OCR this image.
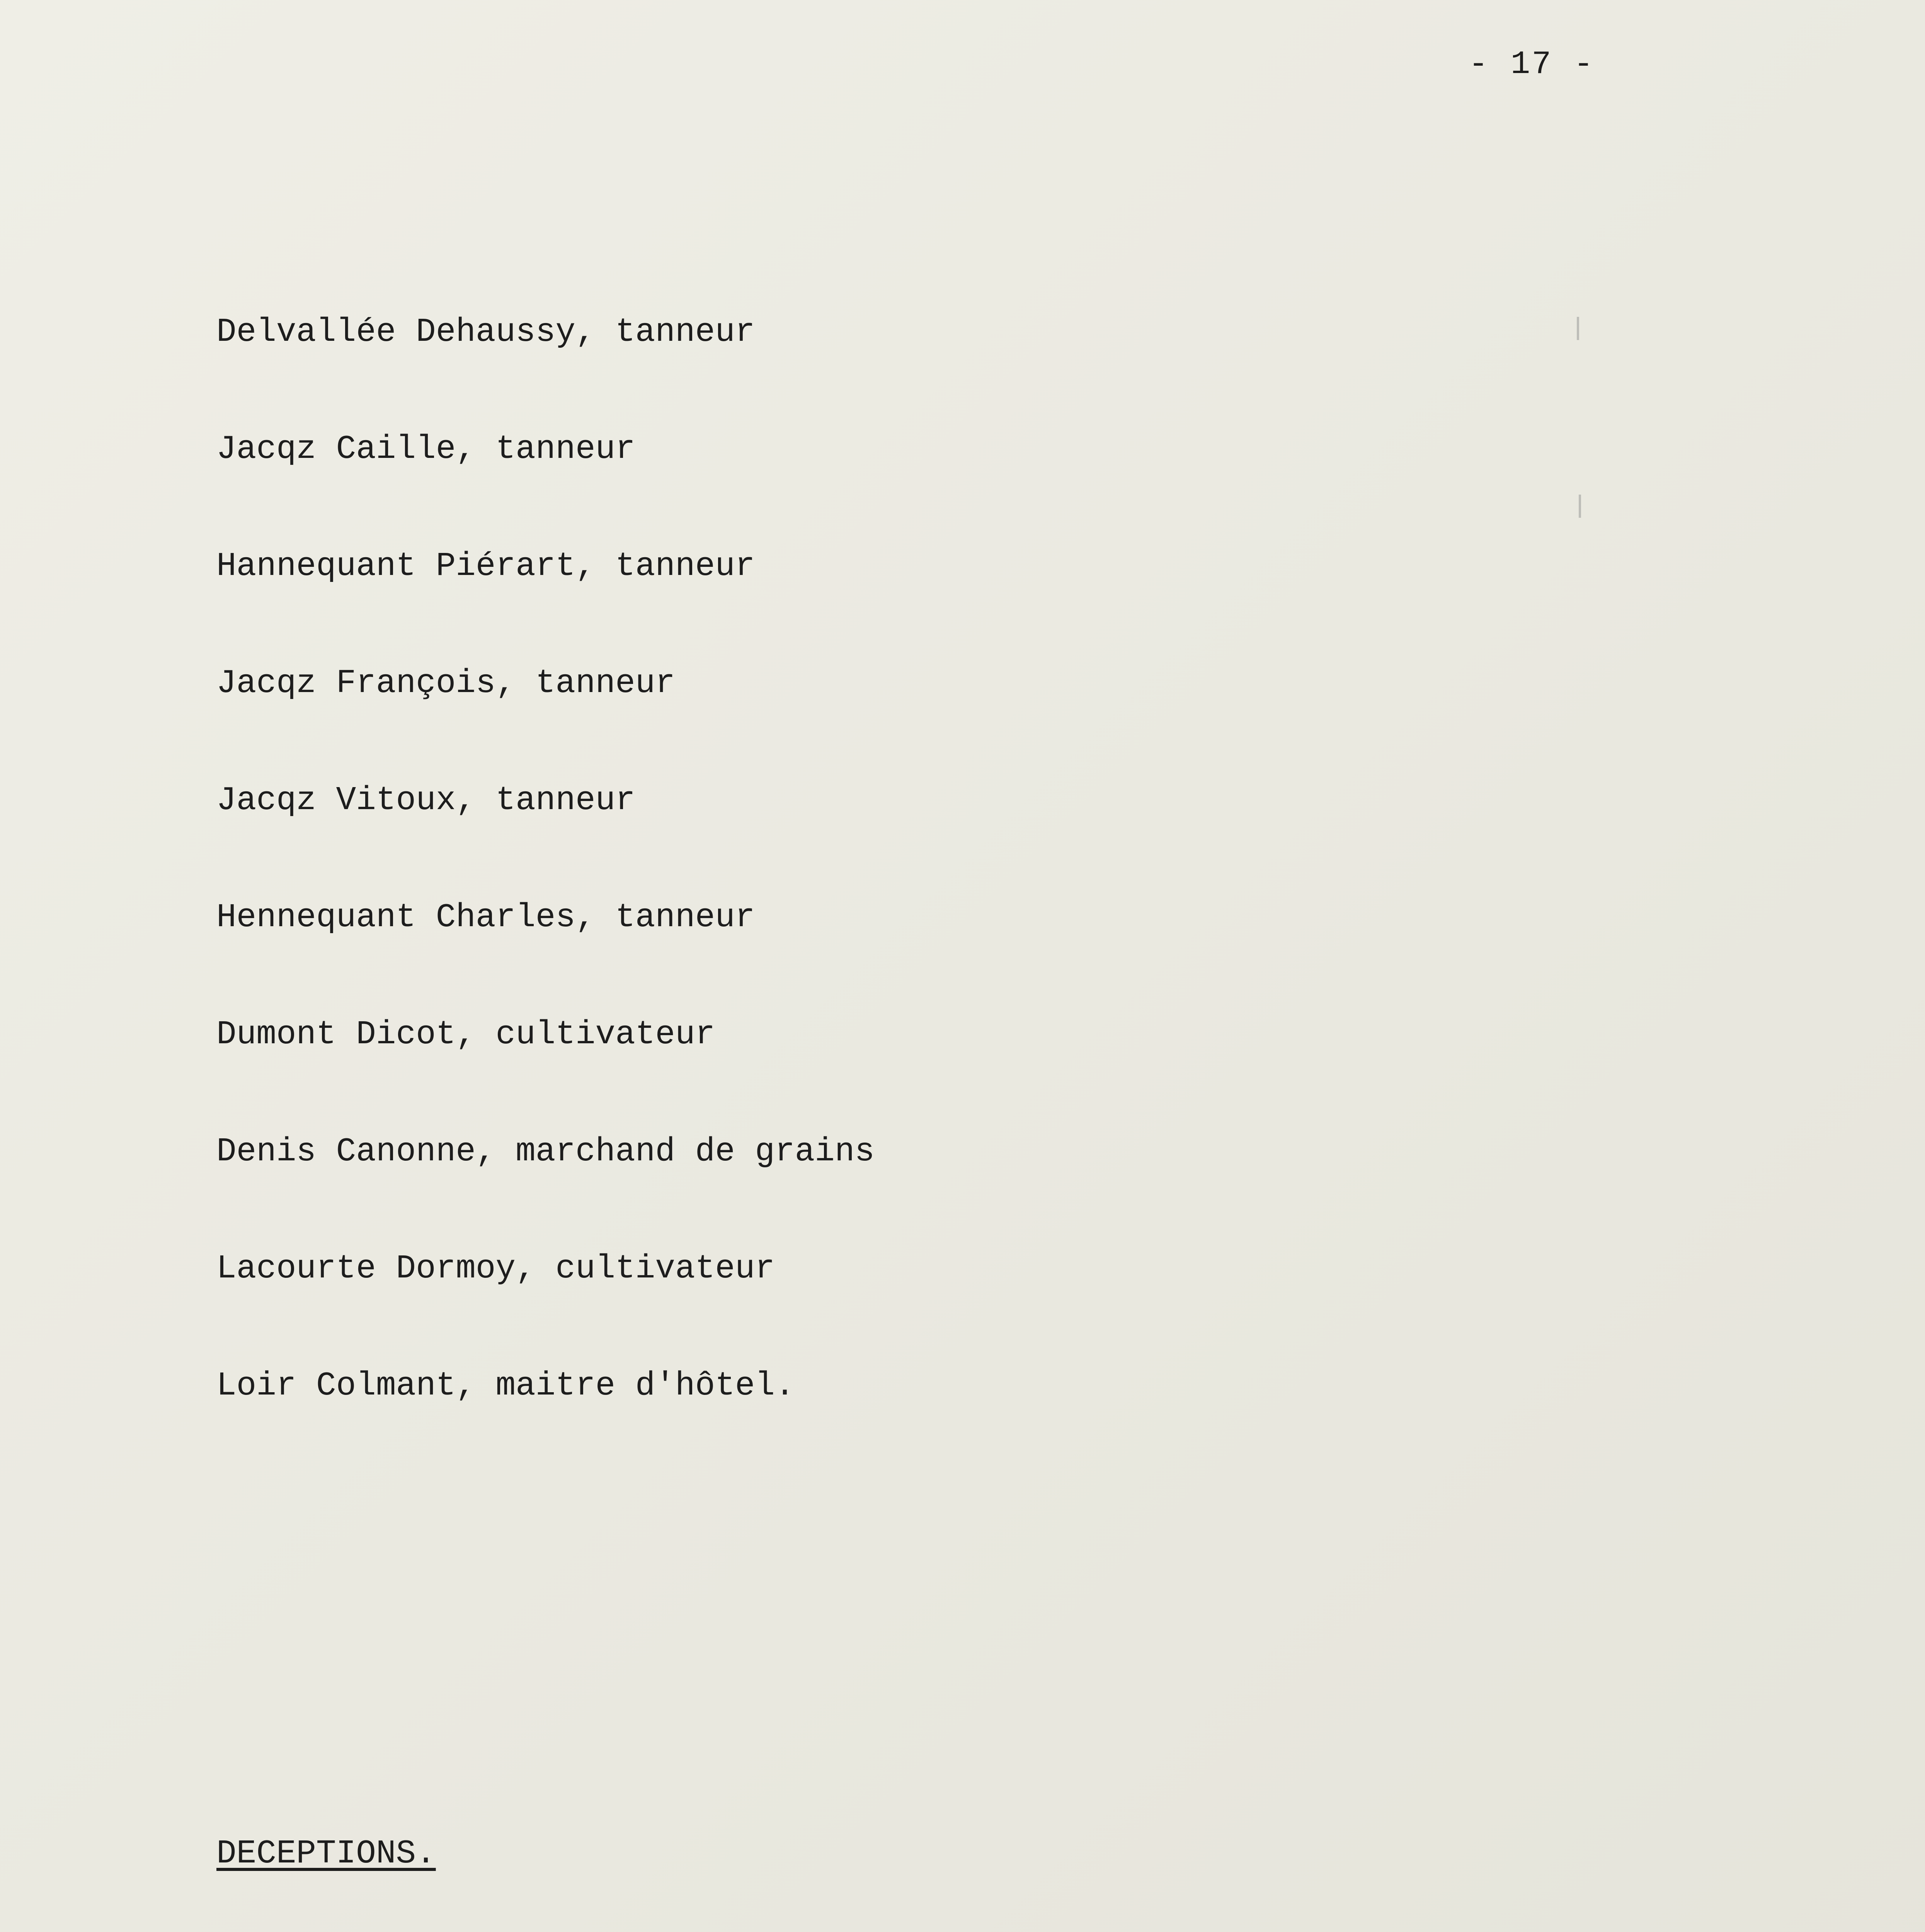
- 17 -

Delvallée Dehaussy, tanneur

Jacqz Caille, tanneur

Hannequant Piérart, tanneur

Jacqz François, tanneur

Jacqz Vitoux, tanneur

Hennequant Charles, tanneur

Dumont Dicot, cultivateur

Denis Canonne, marchand de grains

Lacourte Dormoy, cultivateur

Loir Colmant, maitre d'hôtel.

DECEPTIONS.
